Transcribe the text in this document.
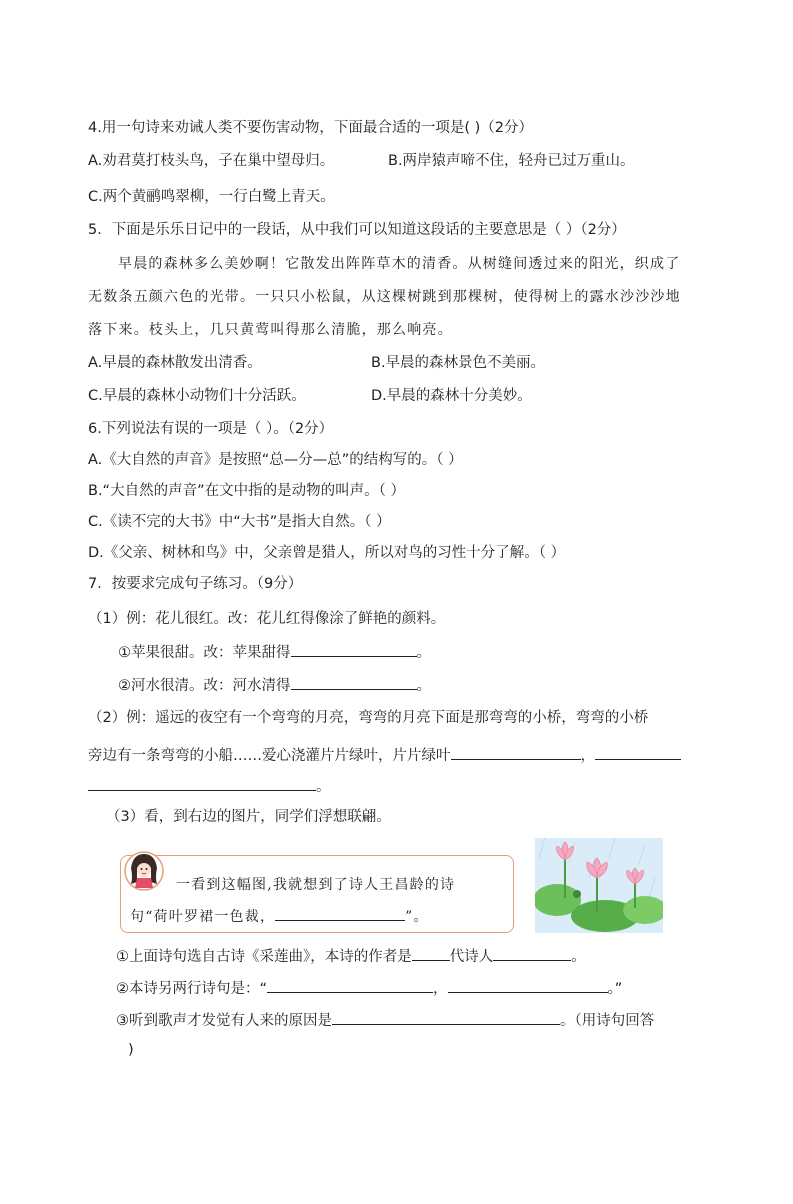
4.用一句诗来劝诫人类不要伤害动物，下面最合适的一项是( )（2分）
A.劝君莫打枝头鸟，子在巢中望母归。	B.两岸猿声啼不住，轻舟已过万重山。
C.两个黄鹂鸣翠柳，一行白鹭上青天。
5．下面是乐乐日记中的一段话，从中我们可以知道这段话的主要意思是（ ）（2分）
早晨的森林多么美妙啊！它散发出阵阵草木的清香。从树缝间透过来的阳光，织成了
无数条五颜六色的光带。一只只小松鼠，从这棵树跳到那棵树，使得树上的露水沙沙沙地
落下来。枝头上，几只黄莺叫得那么清脆，那么响亮。
A.早晨的森林散发出清香。	B.早晨的森林景色不美丽。
C.早晨的森林小动物们十分活跃。	D.早晨的森林十分美妙。
6.下列说法有误的一项是（ ）。（2分）
A.《大自然的声音》是按照“总—分—总”的结构写的。（ ）
B.“大自然的声音”在文中指的是动物的叫声。（ ）
C.《读不完的大书》中“大书”是指大自然。（ ）
D.《父亲、树林和鸟》中，父亲曾是猎人，所以对鸟的习性十分了解。（ ）
7．按要求完成句子练习。（9分）
（1）例：花儿很红。改：花儿红得像涂了鲜艳的颜料。
①苹果很甜。改：苹果甜得	。
②河水很清。改：河水清得	。
（2）例：遥远的夜空有一个弯弯的月亮，弯弯的月亮下面是那弯弯的小桥，弯弯的小桥
旁边有一条弯弯的小船……爱心浇灌片片绿叶，片片绿叶	，
。
（3）看，到右边的图片，同学们浮想联翩。
一看到这幅图,我就想到了诗人王昌龄的诗
句“荷叶罗裙一色裁，	”。
①上面诗句选自古诗《采莲曲》，本诗的作者是	代诗人	。
②本诗另两行诗句是：“	，	。”
③听到歌声才发觉有人来的原因是	。（用诗句回答
)
